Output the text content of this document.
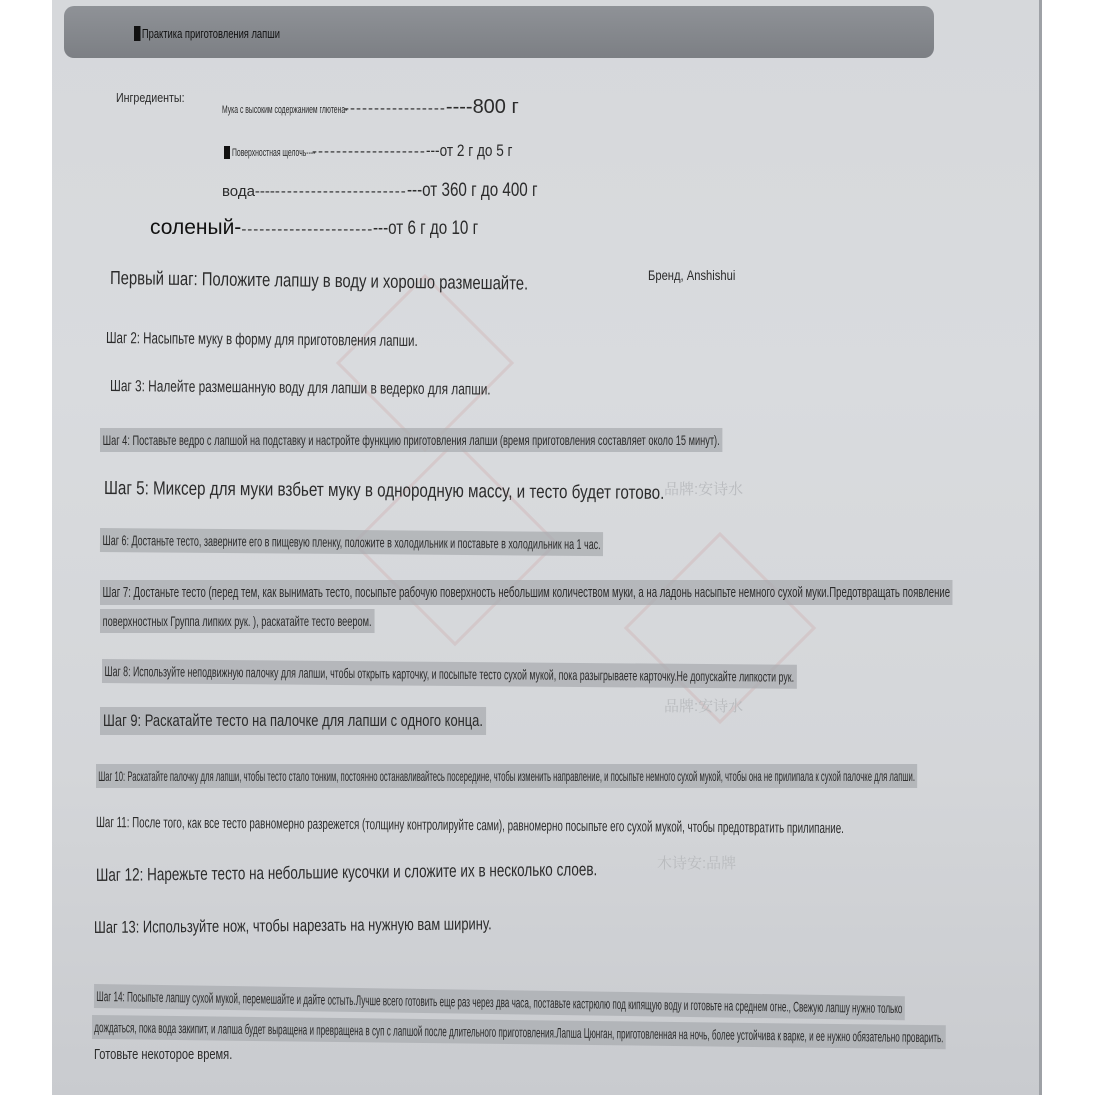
品牌:安诗水
品牌:安诗水
木诗安:品牌
Практика приготовления лапши
Ингредиенты:
Мука с высоким содержанием глютена----------------------800 г
Поверхностная щелочь--------------------------от 2 г до 5 г
вода-----------------------------от 360 г до 400 г
соленый--------------------------от 6 г до 10 г
Бренд, Anshishui
Первый шаг: Положите лапшу в воду и хорошо размешайте.
Шаг 2: Насыпьте муку в форму для приготовления лапши.
Шаг 3: Налейте размешанную воду для лапши в ведерко для лапши.
Шаг 4: Поставьте ведро с лапшой на подставку и настройте функцию приготовления лапши (время приготовления составляет около 15 минут).
Шаг 5: Миксер для муки взбьет муку в однородную массу, и тесто будет готово.
Шаг 6: Достаньте тесто, заверните его в пищевую пленку, положите в холодильник и поставьте в холодильник на 1 час.
Шаг 7: Достаньте тесто (перед тем, как вынимать тесто, посыпьте рабочую поверхность небольшим количеством муки, а на ладонь насыпьте немного сухой муки.Предотвращать появление
поверхностных Группа липких рук. ), раскатайте тесто веером.
Шаг 8: Используйте неподвижную палочку для лапши, чтобы открыть карточку, и посыпьте тесто сухой мукой, пока разыгрываете карточку.Не допускайте липкости рук.
Шаг 9: Раскатайте тесто на палочке для лапши с одного конца.
Шаг 10: Раскатайте палочку для лапши, чтобы тесто стало тонким, постоянно останавливайтесь посередине, чтобы изменить направление, и посыпьте немного сухой мукой, чтобы она не прилипала к сухой палочке для лапши.
Шаг 11: После того, как все тесто равномерно разрежется (толщину контролируйте сами), равномерно посыпьте его сухой мукой, чтобы предотвратить прилипание.
Шаг 12: Нарежьте тесто на небольшие кусочки и сложите их в несколько слоев.
Шаг 13: Используйте нож, чтобы нарезать на нужную вам ширину.
Шаг 14: Посыпьте лапшу сухой мукой, перемешайте и дайте остыть.Лучше всего готовить еще раз через два часа, поставьте кастрюлю под кипящую воду и готовьте на среднем огне., Свежую лапшу нужно только
дождаться, пока вода закипит, и лапша будет выращена и превращена в суп с лапшой после длительного приготовления.Лапша Цюнган, приготовленная на ночь, более устойчива к варке, и ее нужно обязательно проварить.
Готовьте некоторое время.
